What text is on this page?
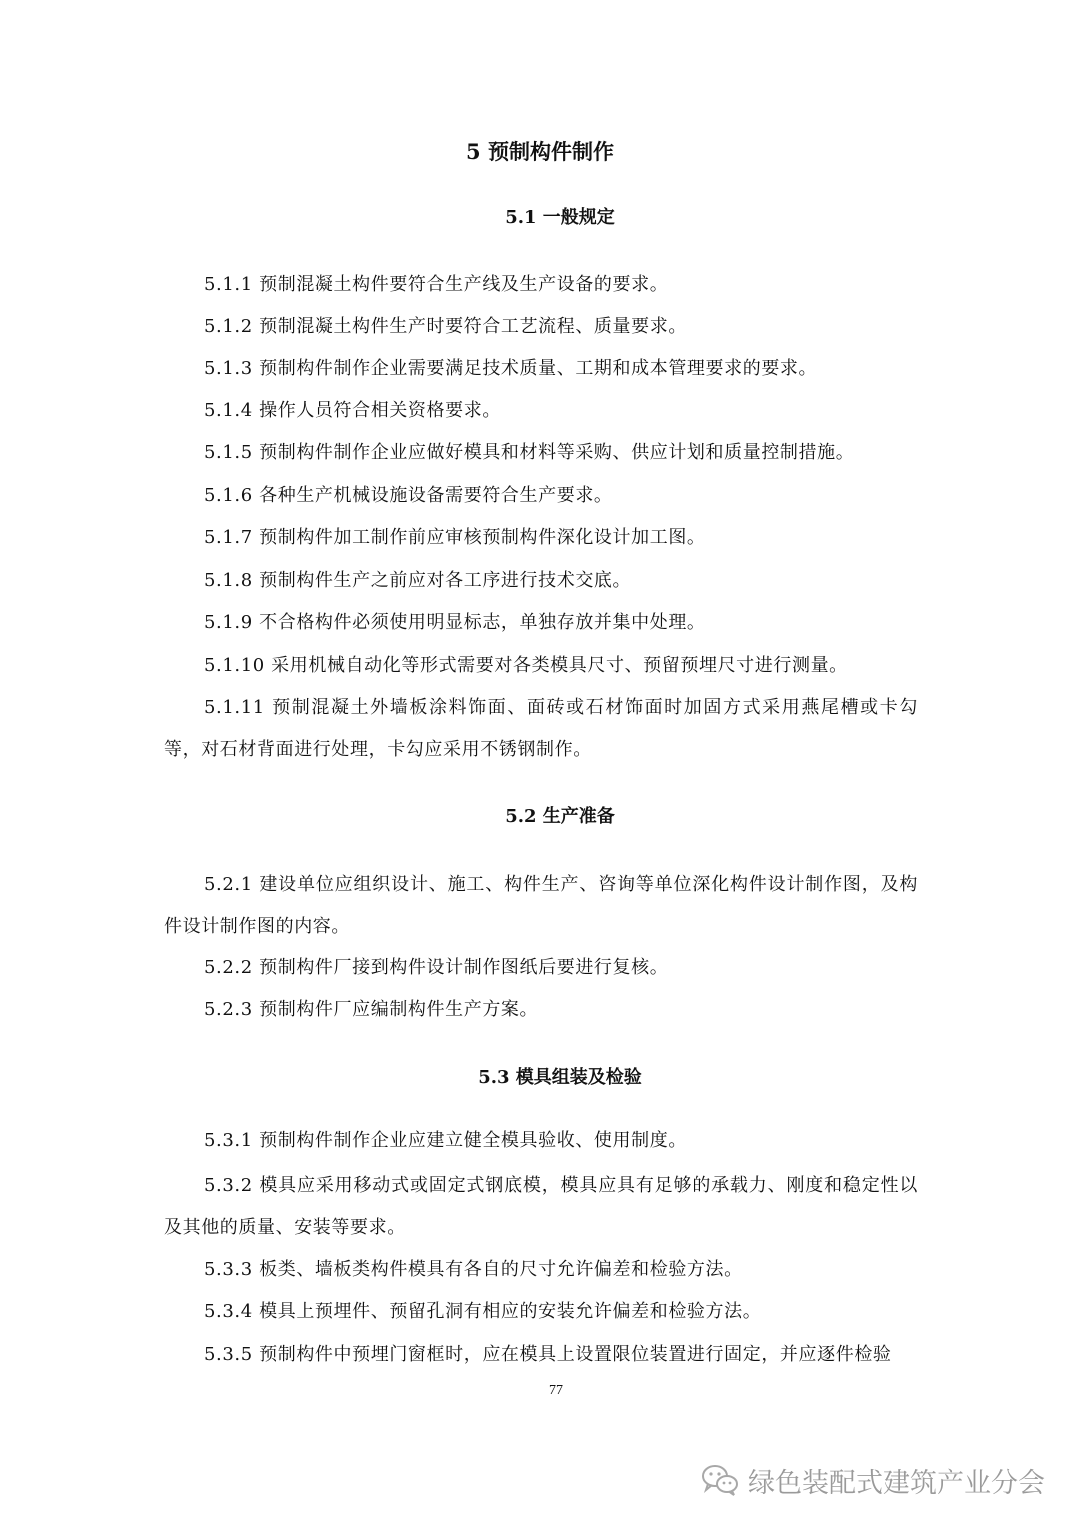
5 预制构件制作
5.1 一般规定
5.1.1 预制混凝土构件要符合生产线及生产设备的要求。
5.1.2 预制混凝土构件生产时要符合工艺流程、质量要求。
5.1.3 预制构件制作企业需要满足技术质量、工期和成本管理要求的要求。
5.1.4 操作人员符合相关资格要求。
5.1.5 预制构件制作企业应做好模具和材料等采购、供应计划和质量控制措施。
5.1.6 各种生产机械设施设备需要符合生产要求。
5.1.7 预制构件加工制作前应审核预制构件深化设计加工图。
5.1.8 预制构件生产之前应对各工序进行技术交底。
5.1.9 不合格构件必须使用明显标志，单独存放并集中处理。
5.1.10 采用机械自动化等形式需要对各类模具尺寸、预留预埋尺寸进行测量。
5.1.11 预制混凝土外墙板涂料饰面、面砖或石材饰面时加固方式采用燕尾槽或卡勾等，对石材背面进行处理，卡勾应采用不锈钢制作。
5.2 生产准备
5.2.1 建设单位应组织设计、施工、构件生产、咨询等单位深化构件设计制作图，及构件设计制作图的内容。
5.2.2 预制构件厂接到构件设计制作图纸后要进行复核。
5.2.3 预制构件厂应编制构件生产方案。
5.3 模具组装及检验
5.3.1 预制构件制作企业应建立健全模具验收、使用制度。
5.3.2 模具应采用移动式或固定式钢底模，模具应具有足够的承载力、刚度和稳定性以及其他的质量、安装等要求。
5.3.3 板类、墙板类构件模具有各自的尺寸允许偏差和检验方法。
5.3.4 模具上预埋件、预留孔洞有相应的安装允许偏差和检验方法。
5.3.5 预制构件中预埋门窗框时，应在模具上设置限位装置进行固定，并应逐件检验
77
绿色装配式建筑产业分会
